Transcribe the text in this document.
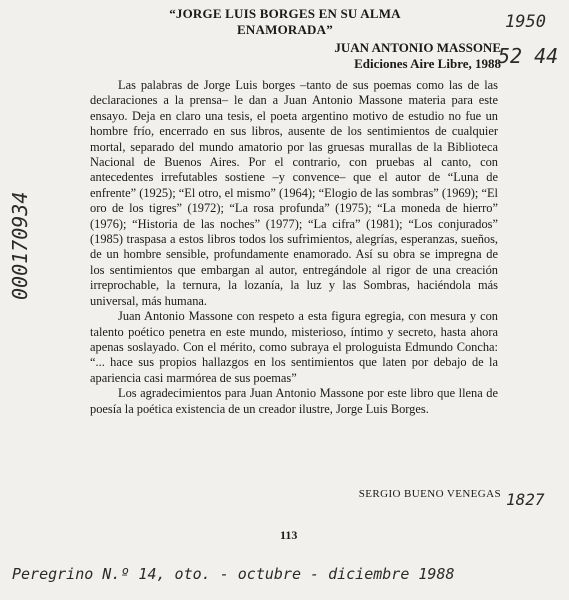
“JORGE LUIS BORGES EN SU ALMA ENAMORADA”
JUAN ANTONIO MASSONE
Ediciones Aire Libre, 1988

Las palabras de Jorge Luis borges –tanto de sus poemas como las de las declaraciones a la prensa– le dan a Juan Antonio Massone materia para este ensayo. Deja en claro una tesis, el poeta argentino motivo de estudio no fue un hombre frío, encerrado en sus libros, ausente de los sentimientos de cualquier mortal, separado del mundo amatorio por las gruesas murallas de la Biblioteca Nacional de Buenos Aires. Por el contrario, con pruebas al canto, con antecedentes irrefutables sostiene –y convence– que el autor de “Luna de enfrente” (1925); “El otro, el mismo” (1964); “Elogio de las sombras” (1969); “El oro de los tigres” (1972); “La rosa profunda” (1975); “La moneda de hierro” (1976); “Historia de las noches” (1977); “La cifra” (1981); “Los conjurados” (1985) traspasa a estos libros todos los sufrimientos, alegrías, esperanzas, sueños, de un hombre sensible, profundamente enamorado. Así su obra se impregna de los sentimientos que embargan al autor, entregándole al rigor de una creación irreprochable, la ternura, la lozanía, la luz y las Sombras, haciéndola más universal, más humana.

Juan Antonio Massone con respeto a esta figura egregia, con mesura y con talento poético penetra en este mundo, misterioso, íntimo y secreto, hasta ahora apenas soslayado. Con el mérito, como subraya el prologuista Edmundo Concha: “... hace sus propios hallazgos en los sentimientos que laten por debajo de la apariencia casi marmórea de sus poemas”

Los agradecimientos para Juan Antonio Massone por este libro que llena de poesía la poética existencia de un creador ilustre, Jorge Luis Borges.

SERGIO BUENO VENEGAS
113
1950
52 44
000170934
1827
Peregrino N.º 14, oto. - octubre - diciembre 1988
